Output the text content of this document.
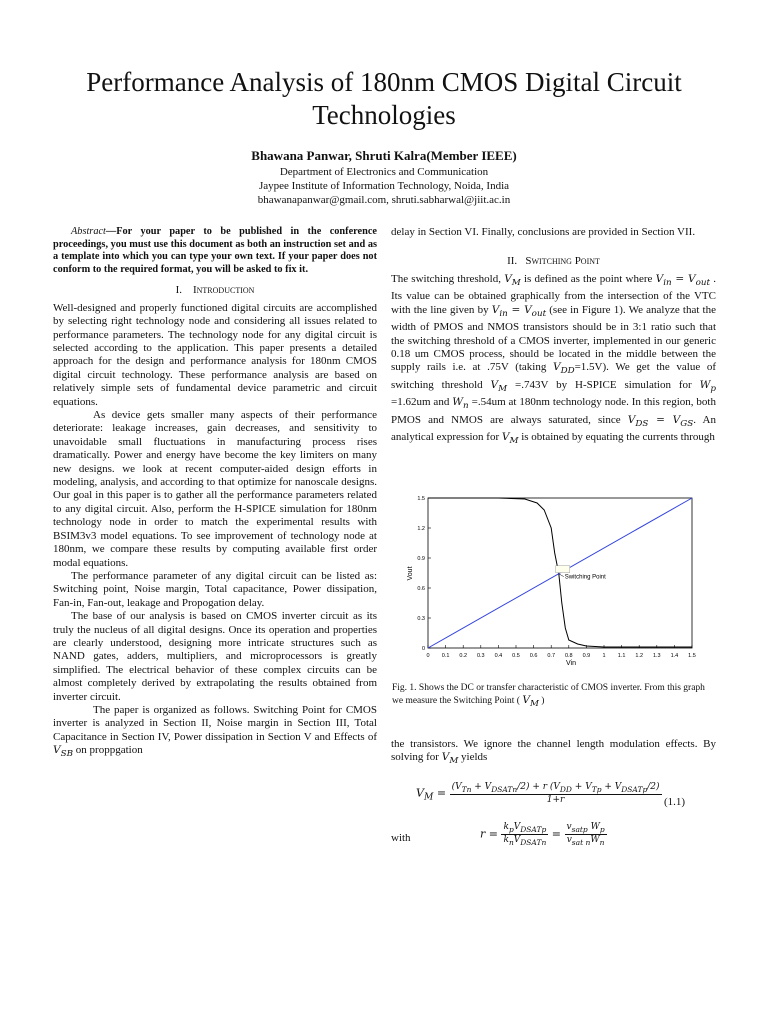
Performance Analysis of 180nm CMOS Digital Circuit Technologies
Bhawana Panwar, Shruti Kalra(Member IEEE)
Department of Electronics and Communication
Jaypee Institute of Information Technology, Noida, India
bhawanapanwar@gmail.com, shruti.sabharwal@jiit.ac.in

Abstract—For your paper to be published in the conference proceedings, you must use this document as both an instruction set and as a template into which you can type your own text. If your paper does not conform to the required format, you will be asked to fix it.

I. Introduction

Well-designed and properly functioned digital circuits are accomplished by selecting right technology node and considering all issues related to performance parameters. The technology node for any digital circuit is selected according to the application. This paper presents a detailed approach for the design and performance analysis for 180nm CMOS digital circuit technology. These performance analysis are based on relatively simple sets of fundamental device parametric and circuit equations.

As device gets smaller many aspects of their performance deteriorate: leakage increases, gain decreases, and sensitivity to unavoidable small fluctuations in manufacturing process rises dramatically. Power and energy have become the key limiters on many new designs. we look at recent computer-aided design efforts in modeling, analysis, and according to that optimize for nanoscale designs. Our goal in this paper is to gather all the performance parameters related to any digital circuit. Also, perform the H-SPICE simulation for 180nm technology node in order to match the experimental results with BSIM3v3 model equations. To see improvement of technology node at 180nm, we compare these results by computing available first order modal equations.

The performance parameter of any digital circuit can be listed as: Switching point, Noise margin, Total capacitance, Power dissipation, Fan-in, Fan-out, leakage and Propogation delay.

The base of our analysis is based on CMOS inverter circuit as its truly the nucleus of all digital designs. Once its operation and properties are clearly understood, designing more intricate structures such as NAND gates, adders, multipliers, and microprocessors is greatly simplified. The electrical behavior of these complex circuits can be almost completely derived by extrapolating the results obtained from inverter circuit.

The paper is organized as follows. Switching Point for CMOS inverter is analyzed in Section II, Noise margin in Section III, Total Capacitance in Section IV, Power dissipation in Section V and Effects of $V_{SB}$ on proppgation

delay in Section VI. Finally, conclusions are provided in Section VII.

II. Switching Point

The switching threshold, $V_M$ is defined as the point where $V_{in} = V_{out}$ . Its value can be obtained graphically from the intersection of the VTC with the line given by $V_{in} = V_{out}$ (see in Figure 1). We analyze that the width of PMOS and NMOS transistors should be in 3:1 ratio such that the switching threshold of a CMOS inverter, implemented in our generic 0.18 um CMOS process, should be located in the middle between the supply rails i.e. at .75V (taking $V_{DD}=1.5V$). We get the value of switching threshold $V_M =.743V$ by H-SPICE simulation for $W_p =1.62um$ and $W_n =.54um$ at 180nm technology node. In this region, both PMOS and NMOS are always saturated, since $V_{DS} = V_{GS}$. An analytical expression for $V_M$ is obtained by equating the currents through

0 0.1 0.2 0.3 0.4 0.5 0.6 0.7 0.8 0.9 1 1.1 1.2 1.3 1.4 1.5
0
0.3
0.6
0.9
1.2
1.5
Switching Point
Vin
Vout
Fig. 1. Shows the DC or transfer characteristic of CMOS inverter. From this graph we measure the Switching Point ( $V_M$ )

the transistors. We ignore the channel length modulation effects. By solving for $V_M$ yields

$V_M = \frac{(V_{Tn} + V_{DSATn}/2) + r (V_{DD} + V_{Tp} + V_{DSATp}/2)}{1+r} (1.1)$
with	$r = \frac{k_pV_{DSATp}}{k_nV_{DSATn}} = \frac{v_{satp} W_p}{v_{sat n}W_n}$
